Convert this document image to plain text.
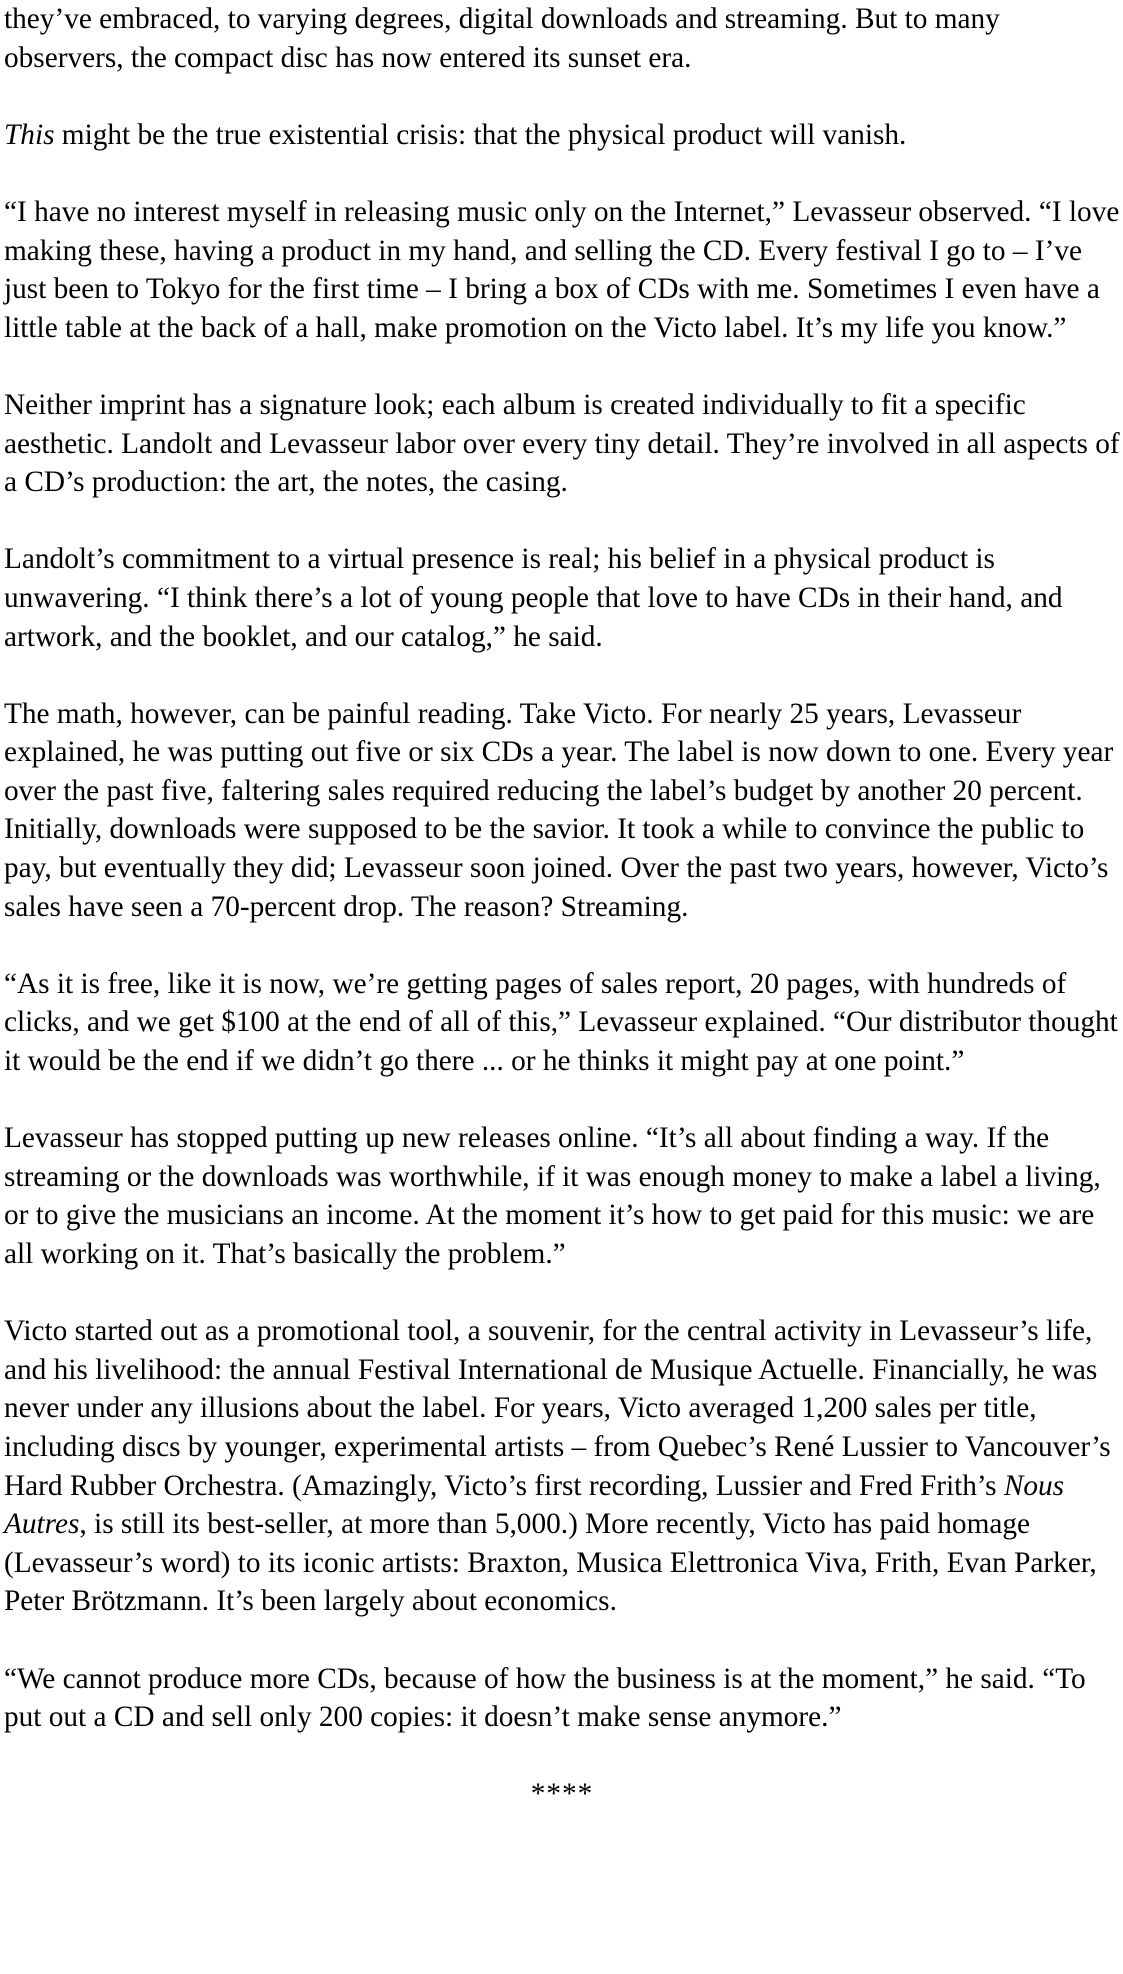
they’ve embraced, to varying degrees, digital downloads and streaming. But to many observers, the compact disc has now entered its sunset era.

This might be the true existential crisis: that the physical product will vanish.

“I have no interest myself in releasing music only on the Internet,” Levasseur observed. “I love making these, having a product in my hand, and selling the CD. Every festival I go to – I’ve just been to Tokyo for the first time – I bring a box of CDs with me. Sometimes I even have a little table at the back of a hall, make promotion on the Victo label. It’s my life you know.”

Neither imprint has a signature look; each album is created individually to fit a specific aesthetic. Landolt and Levasseur labor over every tiny detail. They’re involved in all aspects of a CD’s production: the art, the notes, the casing.

Landolt’s commitment to a virtual presence is real; his belief in a physical product is unwavering. “I think there’s a lot of young people that love to have CDs in their hand, and artwork, and the booklet, and our catalog,” he said.

The math, however, can be painful reading. Take Victo. For nearly 25 years, Levasseur explained, he was putting out five or six CDs a year. The label is now down to one. Every year over the past five, faltering sales required reducing the label’s budget by another 20 percent. Initially, downloads were supposed to be the savior. It took a while to convince the public to pay, but eventually they did; Levasseur soon joined. Over the past two years, however, Victo’s sales have seen a 70-percent drop. The reason? Streaming.

“As it is free, like it is now, we’re getting pages of sales report, 20 pages, with hundreds of clicks, and we get $100 at the end of all of this,” Levasseur explained. “Our distributor thought it would be the end if we didn’t go there ... or he thinks it might pay at one point.”

Levasseur has stopped putting up new releases online. “It’s all about finding a way. If the streaming or the downloads was worthwhile, if it was enough money to make a label a living, or to give the musicians an income. At the moment it’s how to get paid for this music: we are all working on it. That’s basically the problem.”

Victo started out as a promotional tool, a souvenir, for the central activity in Levasseur’s life, and his livelihood: the annual Festival International de Musique Actuelle. Financially, he was never under any illusions about the label. For years, Victo averaged 1,200 sales per title, including discs by younger, experimental artists – from Quebec’s René Lussier to Vancouver’s Hard Rubber Orchestra. (Amazingly, Victo’s first recording, Lussier and Fred Frith’s Nous Autres, is still its best-seller, at more than 5,000.) More recently, Victo has paid homage (Levasseur’s word) to its iconic artists: Braxton, Musica Elettronica Viva, Frith, Evan Parker, Peter Brötzmann. It’s been largely about economics.

“We cannot produce more CDs, because of how the business is at the moment,” he said. “To put out a CD and sell only 200 copies: it doesn’t make sense anymore.”

****
